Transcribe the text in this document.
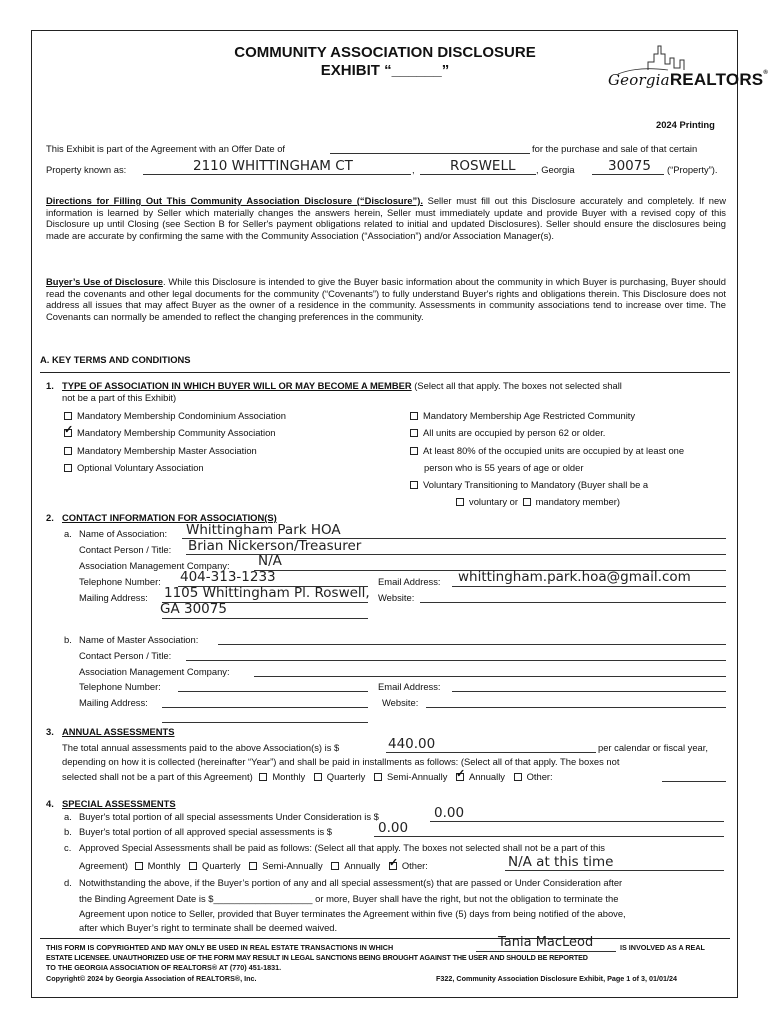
COMMUNITY ASSOCIATION DISCLOSURE
EXHIBIT “______”
GeorgiaREALTORS®
2024 Printing
This Exhibit is part of the Agreement with an Offer Date of	for the purchase and sale of that certain
Property known as:	2110 WHITTINGHAM CT	,	ROSWELL , Georgia 30075 (“Property”).
Directions for Filling Out This Community Association Disclosure (“Disclosure”). Seller must fill out this Disclosure accurately and completely. If new information is learned by Seller which materially changes the answers herein, Seller must immediately update and provide Buyer with a revised copy of this Disclosure up until Closing (see Section B for Seller's payment obligations related to initial and updated Disclosures). Seller should ensure the disclosures being made are accurate by confirming the same with the Community Association (“Association”) and/or Association Manager(s).
Buyer’s Use of Disclosure. While this Disclosure is intended to give the Buyer basic information about the community in which Buyer is purchasing, Buyer should read the covenants and other legal documents for the community (“Covenants”) to fully understand Buyer's rights and obligations therein. This Disclosure does not address all issues that may affect Buyer as the owner of a residence in the community. Assessments in community associations tend to increase over time. The Covenants can normally be amended to reflect the changing preferences in the community.
A. KEY TERMS AND CONDITIONS
1. TYPE OF ASSOCIATION IN WHICH BUYER WILL OR MAY BECOME A MEMBER (Select all that apply. The boxes not selected shall
not be a part of this Exhibit)
Mandatory Membership Condominium Association
✓Mandatory Membership Community Association
Mandatory Membership Master Association
Optional Voluntary Association
Mandatory Membership Age Restricted Community
All units are occupied by person 62 or older.
At least 80% of the occupied units are occupied by at least one
person who is 55 years of age or older
Voluntary Transitioning to Mandatory (Buyer shall be a
voluntary or mandatory member)
2. CONTACT INFORMATION FOR ASSOCIATION(S)
a. Name of Association: Whittingham Park HOA
Contact Person / Title: Brian Nickerson/Treasurer
Association Management Company: N/A
Telephone Number: 404-313-1233	Email Address: whittingham.park.hoa@gmail.com
Mailing Address: 1105 Whittingham Pl. Roswell,
GA 30075
Website:
b. Name of Master Association:
Contact Person / Title:
Association Management Company:
Telephone Number:	Email Address:
Mailing Address:	Website:
3. ANNUAL ASSESSMENTS
The total annual assessments paid to the above Association(s) is $	440.00	per calendar or fiscal year,
depending on how it is collected (hereinafter “Year”) and shall be paid in installments as follows: (Select all of that apply. The boxes not
selected shall not be a part of this Agreement) Monthly Quarterly Semi-Annually ✓ Annually Other:
4. SPECIAL ASSESSMENTS
a. Buyer's total portion of all special assessments Under Consideration is $	0.00
b. Buyer's total portion of all approved special assessments is $	0.00
c. Approved Special Assessments shall be paid as follows: (Select all that apply. The boxes not selected shall not be a part of this
Agreement) Monthly Quarterly Semi-Annually Annually ✓ Other:	N/A at this time
d. Notwithstanding the above, if the Buyer’s portion of any and all special assessment(s) that are passed or Under Consideration after
the Binding Agreement Date is $___________________ or more, Buyer shall have the right, but not the obligation to terminate the
Agreement upon notice to Seller, provided that Buyer terminates the Agreement within five (5) days from being notified of the above,
after which Buyer’s right to terminate shall be deemed waived.
THIS FORM IS COPYRIGHTED AND MAY ONLY BE USED IN REAL ESTATE TRANSACTIONS IN WHICH	Tania MacLeod	IS INVOLVED AS A REAL
ESTATE LICENSEE. UNAUTHORIZED USE OF THE FORM MAY RESULT IN LEGAL SANCTIONS BEING BROUGHT AGAINST THE USER AND SHOULD BE REPORTED
TO THE GEORGIA ASSOCIATION OF REALTORS® AT (770) 451-1831.
Copyright© 2024 by Georgia Association of REALTORS®, Inc.	F322, Community Association Disclosure Exhibit, Page 1 of 3, 01/01/24
